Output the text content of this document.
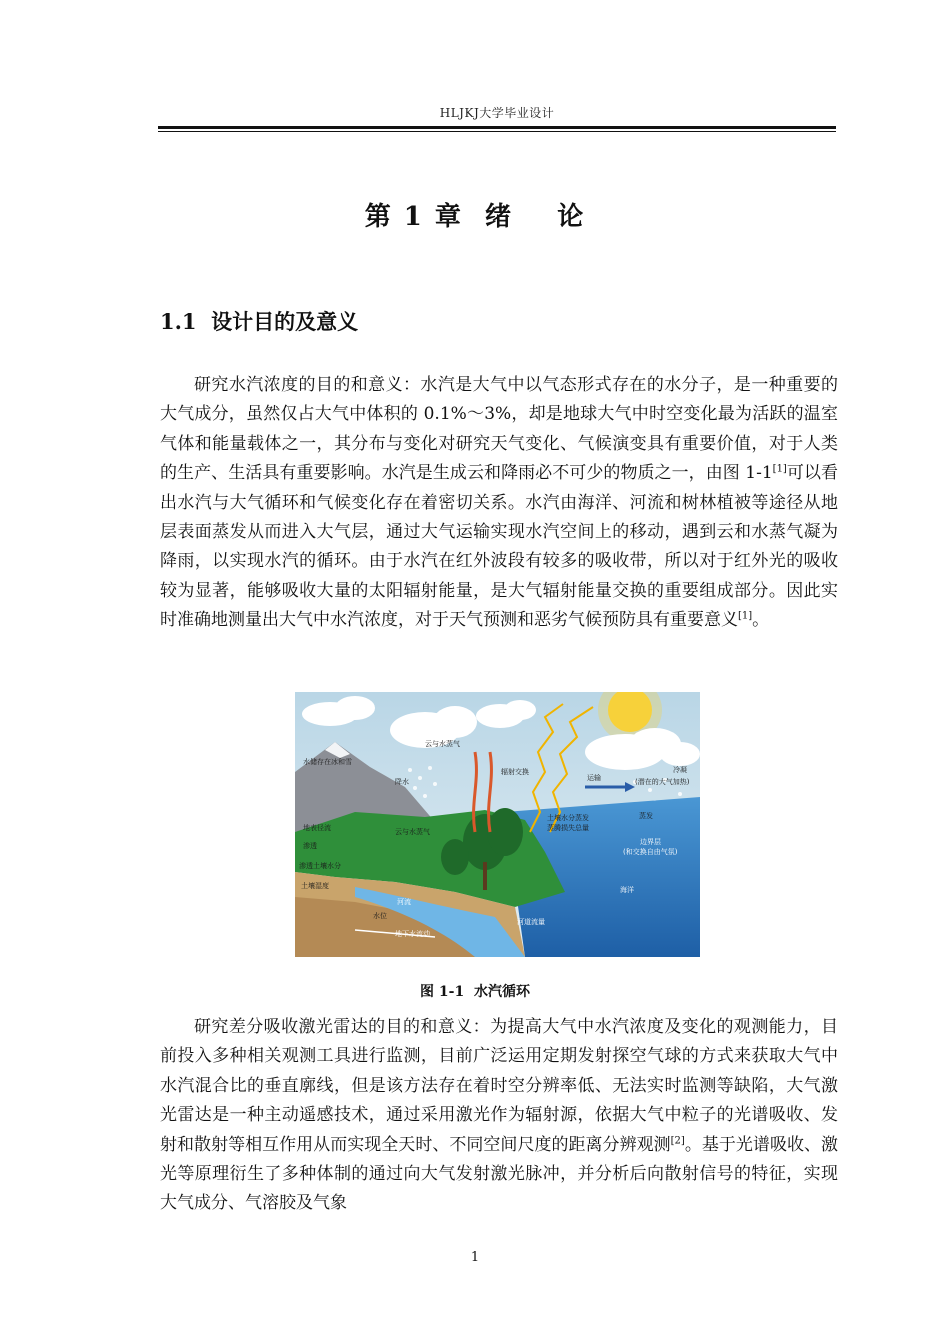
HLJKJ大学毕业设计
第 1 章  绪    论
1.1  设计目的及意义

研究水汽浓度的目的和意义：水汽是大气中以气态形式存在的水分子，是一种重要的大气成分，虽然仅占大气中体积的 0.1%～3%，却是地球大气中时空变化最为活跃的温室气体和能量载体之一，其分布与变化对研究天气变化、气候演变具有重要价值，对于人类的生产、生活具有重要影响。水汽是生成云和降雨必不可少的物质之一，由图 1-1[1]可以看出水汽与大气循环和气候变化存在着密切关系。水汽由海洋、河流和树林植被等途径从地层表面蒸发从而进入大气层，通过大气运输实现水汽空间上的移动，遇到云和水蒸气凝为降雨，以实现水汽的循环。由于水汽在红外波段有较多的吸收带，所以对于红外光的吸收较为显著，能够吸收大量的太阳辐射能量，是大气辐射能量交换的重要组成部分。因此实时准确地测量出大气中水汽浓度，对于天气预测和恶劣气候预防具有重要意义[1]。

云与水蒸气
水储存在冰和雪
降水
辐射交换
运输
冷凝
(潜在的大气加热)
地表径流
渗透
渗透土壤水分
土壤湿度
云与水蒸气
土壤水分蒸发
蒸腾损失总量
蒸发
边界层
(和交换自由气氛)
河流
海洋
水位
地下水流动
河道流量
图 1-1  水汽循环

研究差分吸收激光雷达的目的和意义：为提高大气中水汽浓度及变化的观测能力，目前投入多种相关观测工具进行监测，目前广泛运用定期发射探空气球的方式来获取大气中水汽混合比的垂直廓线，但是该方法存在着时空分辨率低、无法实时监测等缺陷，大气激光雷达是一种主动遥感技术，通过采用激光作为辐射源，依据大气中粒子的光谱吸收、发射和散射等相互作用从而实现全天时、不同空间尺度的距离分辨观测[2]。基于光谱吸收、激光等原理衍生了多种体制的通过向大气发射激光脉冲，并分析后向散射信号的特征，实现大气成分、气溶胶及气象

1
